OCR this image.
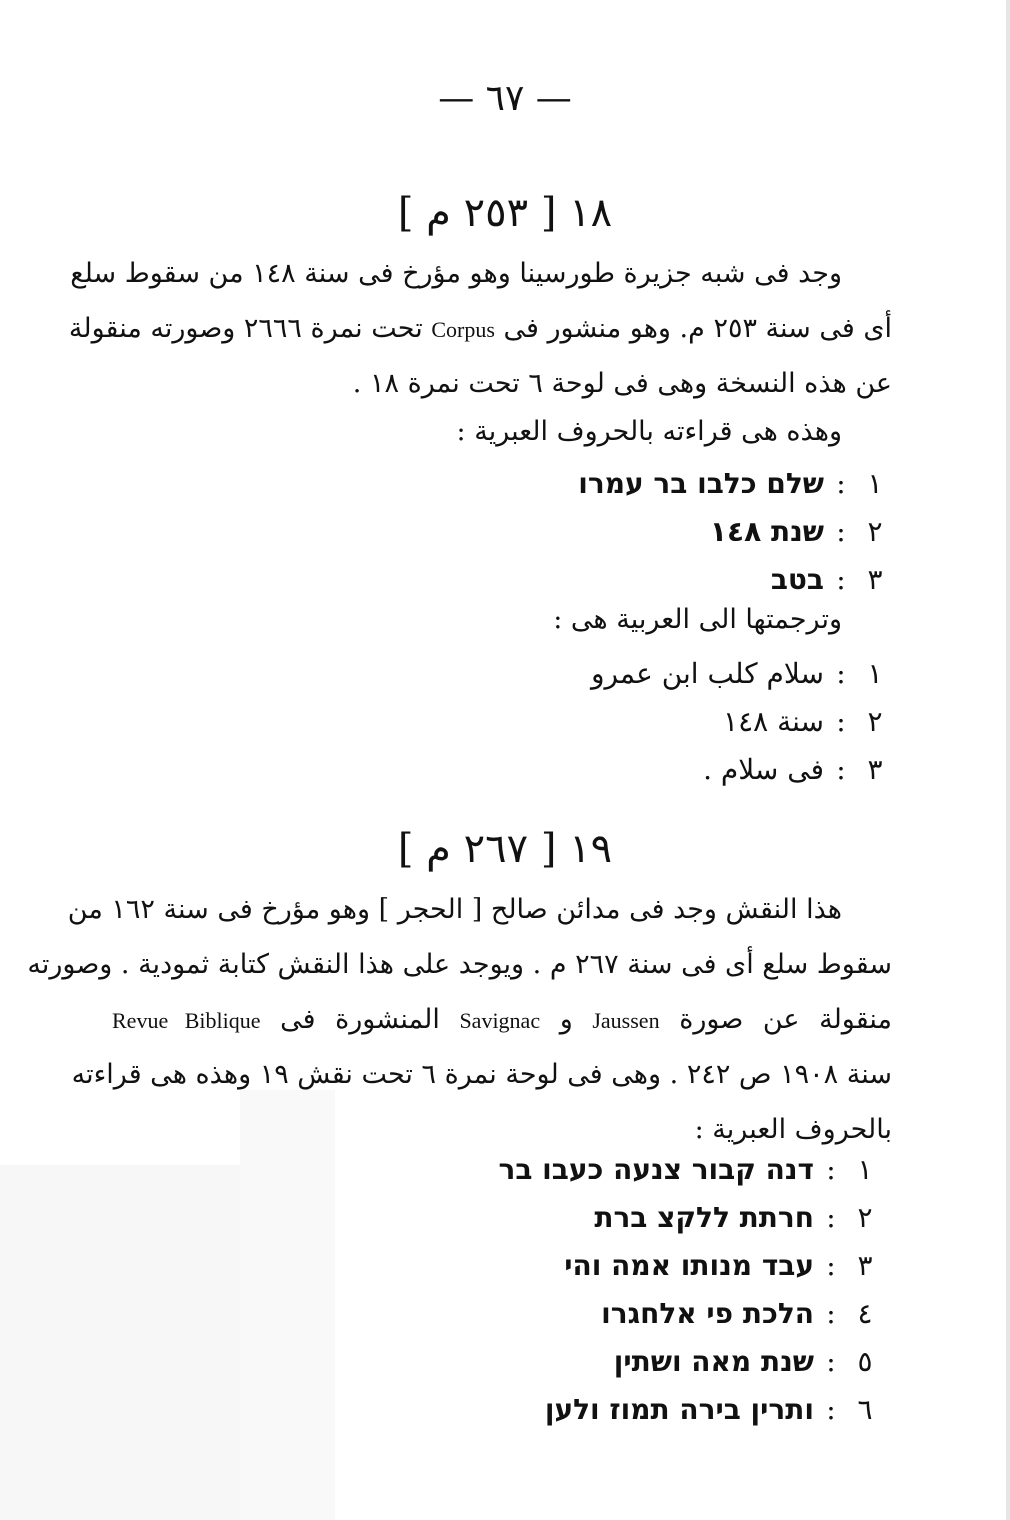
— ٦٧ —
١٨ [ ٢٥٣ م ]
وجد فى شبه جزيرة طورسينا وهو مؤرخ فى سنة ١٤٨ من سقوط سلع
أى فى سنة ٢٥٣ م. وهو منشور فى Corpus تحت نمرة ٢٦٦٦ وصورته منقولة
عن هذه النسخة وهى فى لوحة ٦ تحت نمرة ١٨ .
وهذه هى قراءته بالحروف العبرية :
١:שלם כלבו בר עמרו
٢:שנת ١٤٨
٣:בטב
وترجمتها الى العربية هى :
١:سلام كلب ابن عمرو
٢:سنة ١٤٨
٣:فى سلام .
١٩ [ ٢٦٧ م ]
هذا النقش وجد فى مدائن صالح [ الحجر ] وهو مؤرخ فى سنة ١٦٢ من
سقوط سلع أى فى سنة ٢٦٧ م . ويوجد على هذا النقش كتابة ثمودية . وصورته
منقولة عن صورة Jaussen و Savignac المنشورة فى Revue Biblique
سنة ١٩٠٨ ص ٢٤٢ . وهى فى لوحة نمرة ٦ تحت نقش ١٩ وهذه هى قراءته
بالحروف العبرية :
١:דנה קבור צנעה כעבו בר
٢:חרתת ללקצ ברת
٣:עבד מנותו אמה והי
٤:הלכת פי אלחגרו
٥:שנת מאה ושתין
٦:ותרין בירה תמוז ולען
